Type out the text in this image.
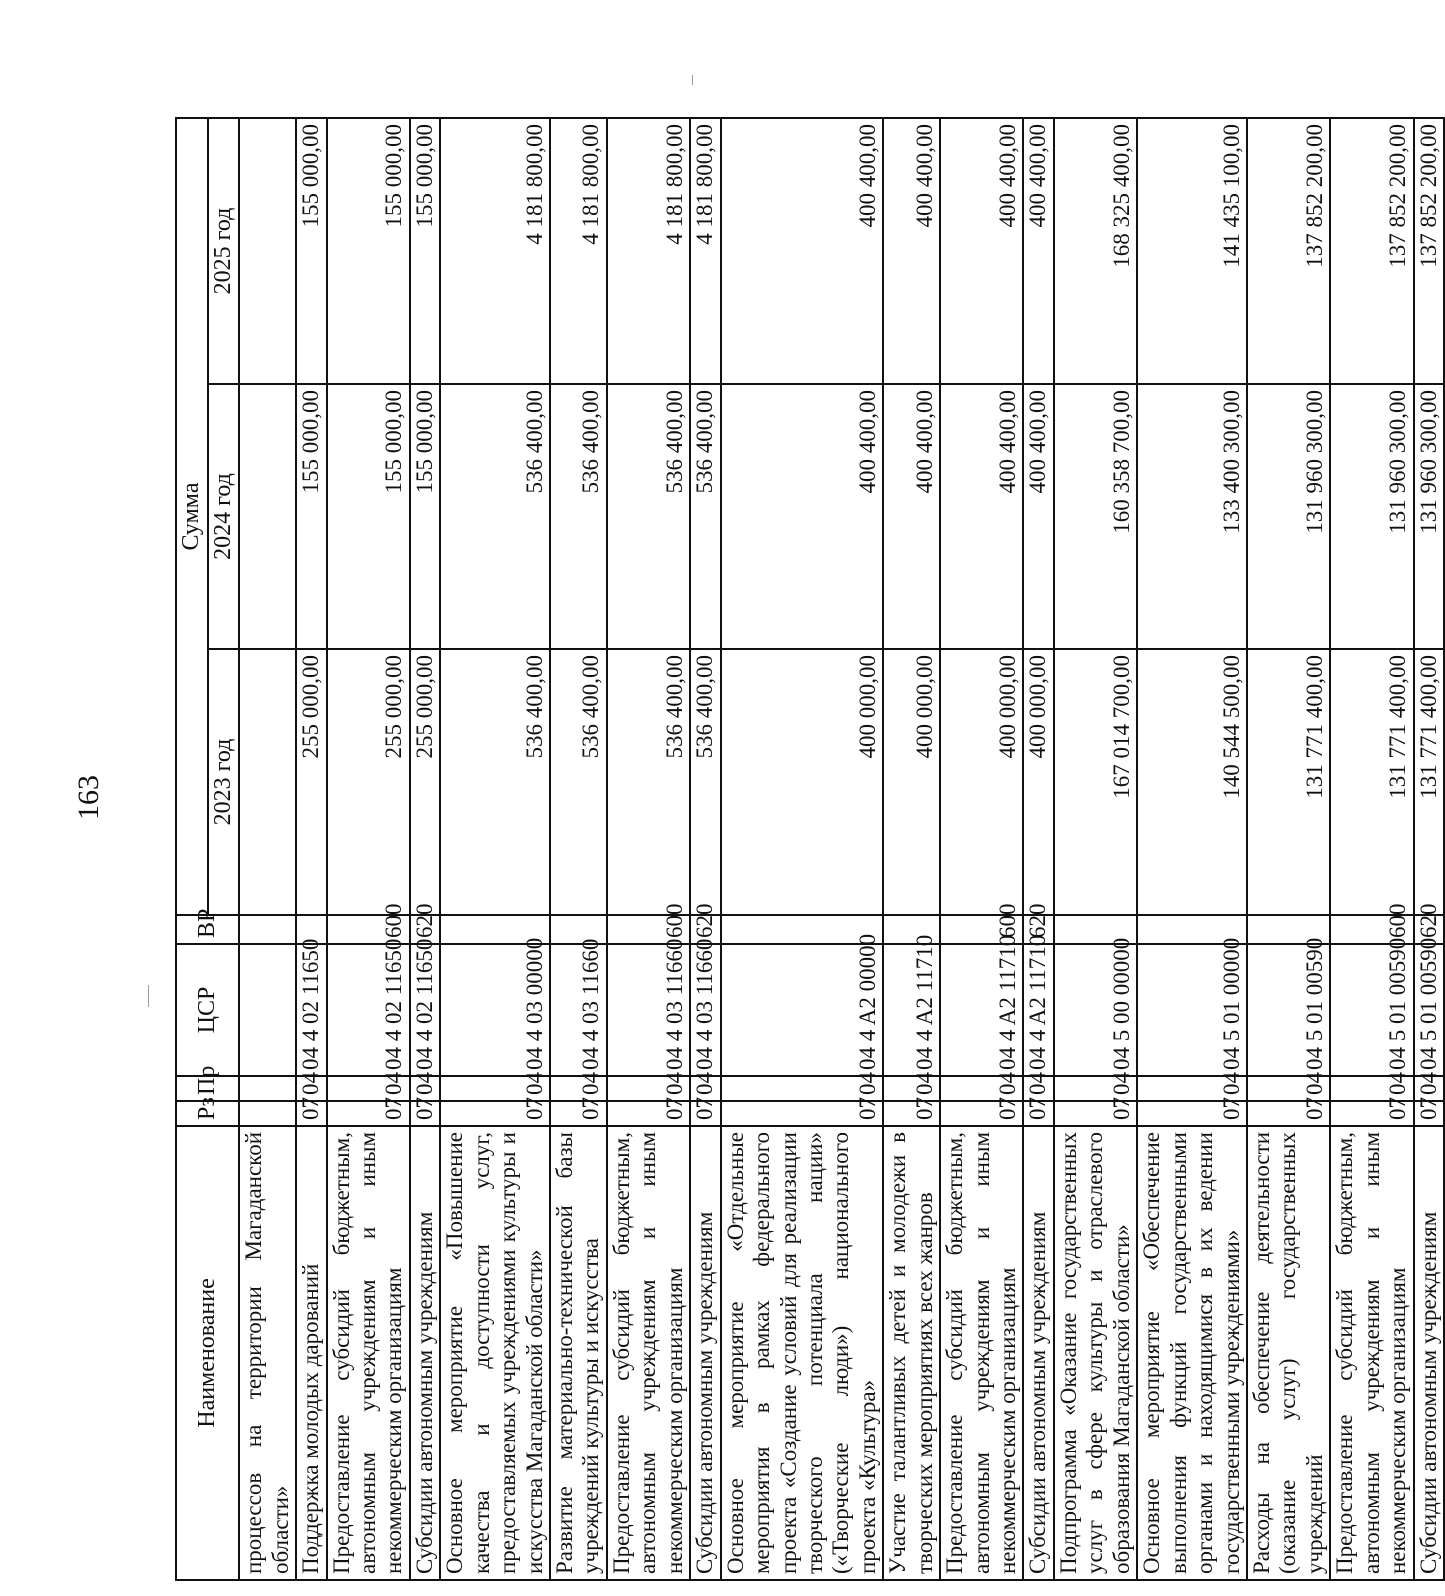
163
Наименование	Рз	Пр	ЦСР	ВР	Сумма		
					2023 год	2024 год	2025 год
процессов на территории Магаданской области»							
Поддержка молодых дарований	07	04	04 4 02 11650		255 000,00	155 000,00	155 000,00
Предоставление субсидий бюджетным, автономным учреждениям и иным некоммерческим организациям	07	04	04 4 02 11650	600	255 000,00	155 000,00	155 000,00
Субсидии автономным учреждениям	07	04	04 4 02 11650	620	255 000,00	155 000,00	155 000,00
Основное мероприятие «Повышение качества и доступности услуг, предоставляемых учреждениями культуры и искусства Магаданской области»	07	04	04 4 03 00000		536 400,00	536 400,00	4 181 800,00
Развитие материально-технической базы учреждений культуры и искусства	07	04	04 4 03 11660		536 400,00	536 400,00	4 181 800,00
Предоставление субсидий бюджетным, автономным учреждениям и иным некоммерческим организациям	07	04	04 4 03 11660	600	536 400,00	536 400,00	4 181 800,00
Субсидии автономным учреждениям	07	04	04 4 03 11660	620	536 400,00	536 400,00	4 181 800,00
Основное мероприятие «Отдельные мероприятия в рамках федерального проекта «Создание условий для реализации творческого потенциала нации» («Творческие люди») национального проекта «Культура»	07	04	04 4 A2 00000		400 000,00	400 400,00	400 400,00
Участие талантливых детей и молодежи в творческих мероприятиях всех жанров	07	04	04 4 A2 11710		400 000,00	400 400,00	400 400,00
Предоставление субсидий бюджетным, автономным учреждениям и иным некоммерческим организациям	07	04	04 4 A2 11710	600	400 000,00	400 400,00	400 400,00
Субсидии автономным учреждениям	07	04	04 4 A2 11710	620	400 000,00	400 400,00	400 400,00
Подпрограмма «Оказание государственных услуг в сфере культуры и отраслевого образования Магаданской области»	07	04	04 5 00 00000		167 014 700,00	160 358 700,00	168 325 400,00
Основное мероприятие «Обеспечение выполнения функций государственными органами и находящимися в их ведении государственными учреждениями»	07	04	04 5 01 00000		140 544 500,00	133 400 300,00	141 435 100,00
Расходы на обеспечение деятельности (оказание услуг) государственных учреждений	07	04	04 5 01 00590		131 771 400,00	131 960 300,00	137 852 200,00
Предоставление субсидий бюджетным, автономным учреждениям и иным некоммерческим организациям	07	04	04 5 01 00590	600	131 771 400,00	131 960 300,00	137 852 200,00
Субсидии автономным учреждениям	07	04	04 5 01 00590	620	131 771 400,00	131 960 300,00	137 852 200,00
